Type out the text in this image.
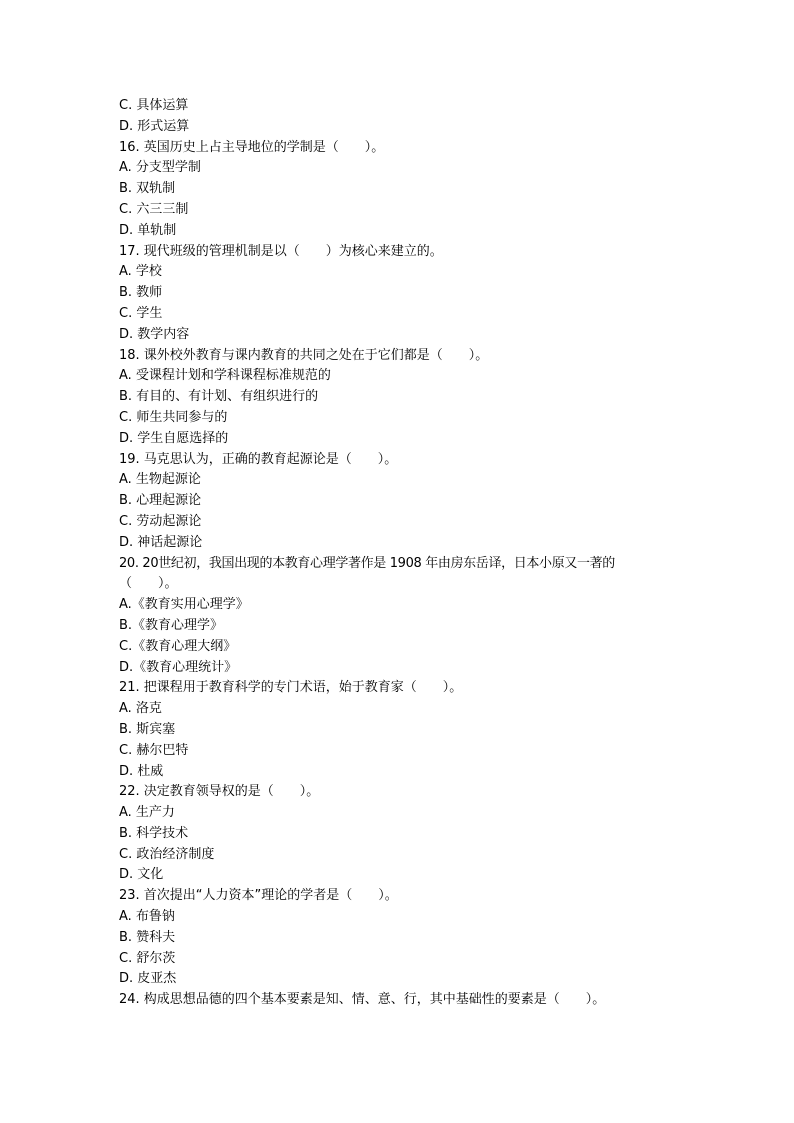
C. 具体运算
D. 形式运算
16. 英国历史上占主导地位的学制是（　　）。
A. 分支型学制
B. 双轨制
C. 六三三制
D. 单轨制
17. 现代班级的管理机制是以（　　）为核心来建立的。
A. 学校
B. 教师
C. 学生
D. 教学内容
18. 课外校外教育与课内教育的共同之处在于它们都是（　　）。
A. 受课程计划和学科课程标准规范的
B. 有目的、有计划、有组织进行的
C. 师生共同参与的
D. 学生自愿选择的
19. 马克思认为，正确的教育起源论是（　　）。
A. 生物起源论
B. 心理起源论
C. 劳动起源论
D. 神话起源论
20. 20世纪初，我国出现的本教育心理学著作是 1908 年由房东岳译，日本小原又一著的
（　　）。
A.《教育实用心理学》
B.《教育心理学》
C.《教育心理大纲》
D.《教育心理统计》
21. 把课程用于教育科学的专门术语，始于教育家（　　）。
A. 洛克
B. 斯宾塞
C. 赫尔巴特
D. 杜威
22. 决定教育领导权的是（　　）。
A. 生产力
B. 科学技术
C. 政治经济制度
D. 文化
23. 首次提出“人力资本”理论的学者是（　　）。
A. 布鲁钠
B. 赞科夫
C. 舒尔茨
D. 皮亚杰
24. 构成思想品德的四个基本要素是知、情、意、行，其中基础性的要素是（　　）。
